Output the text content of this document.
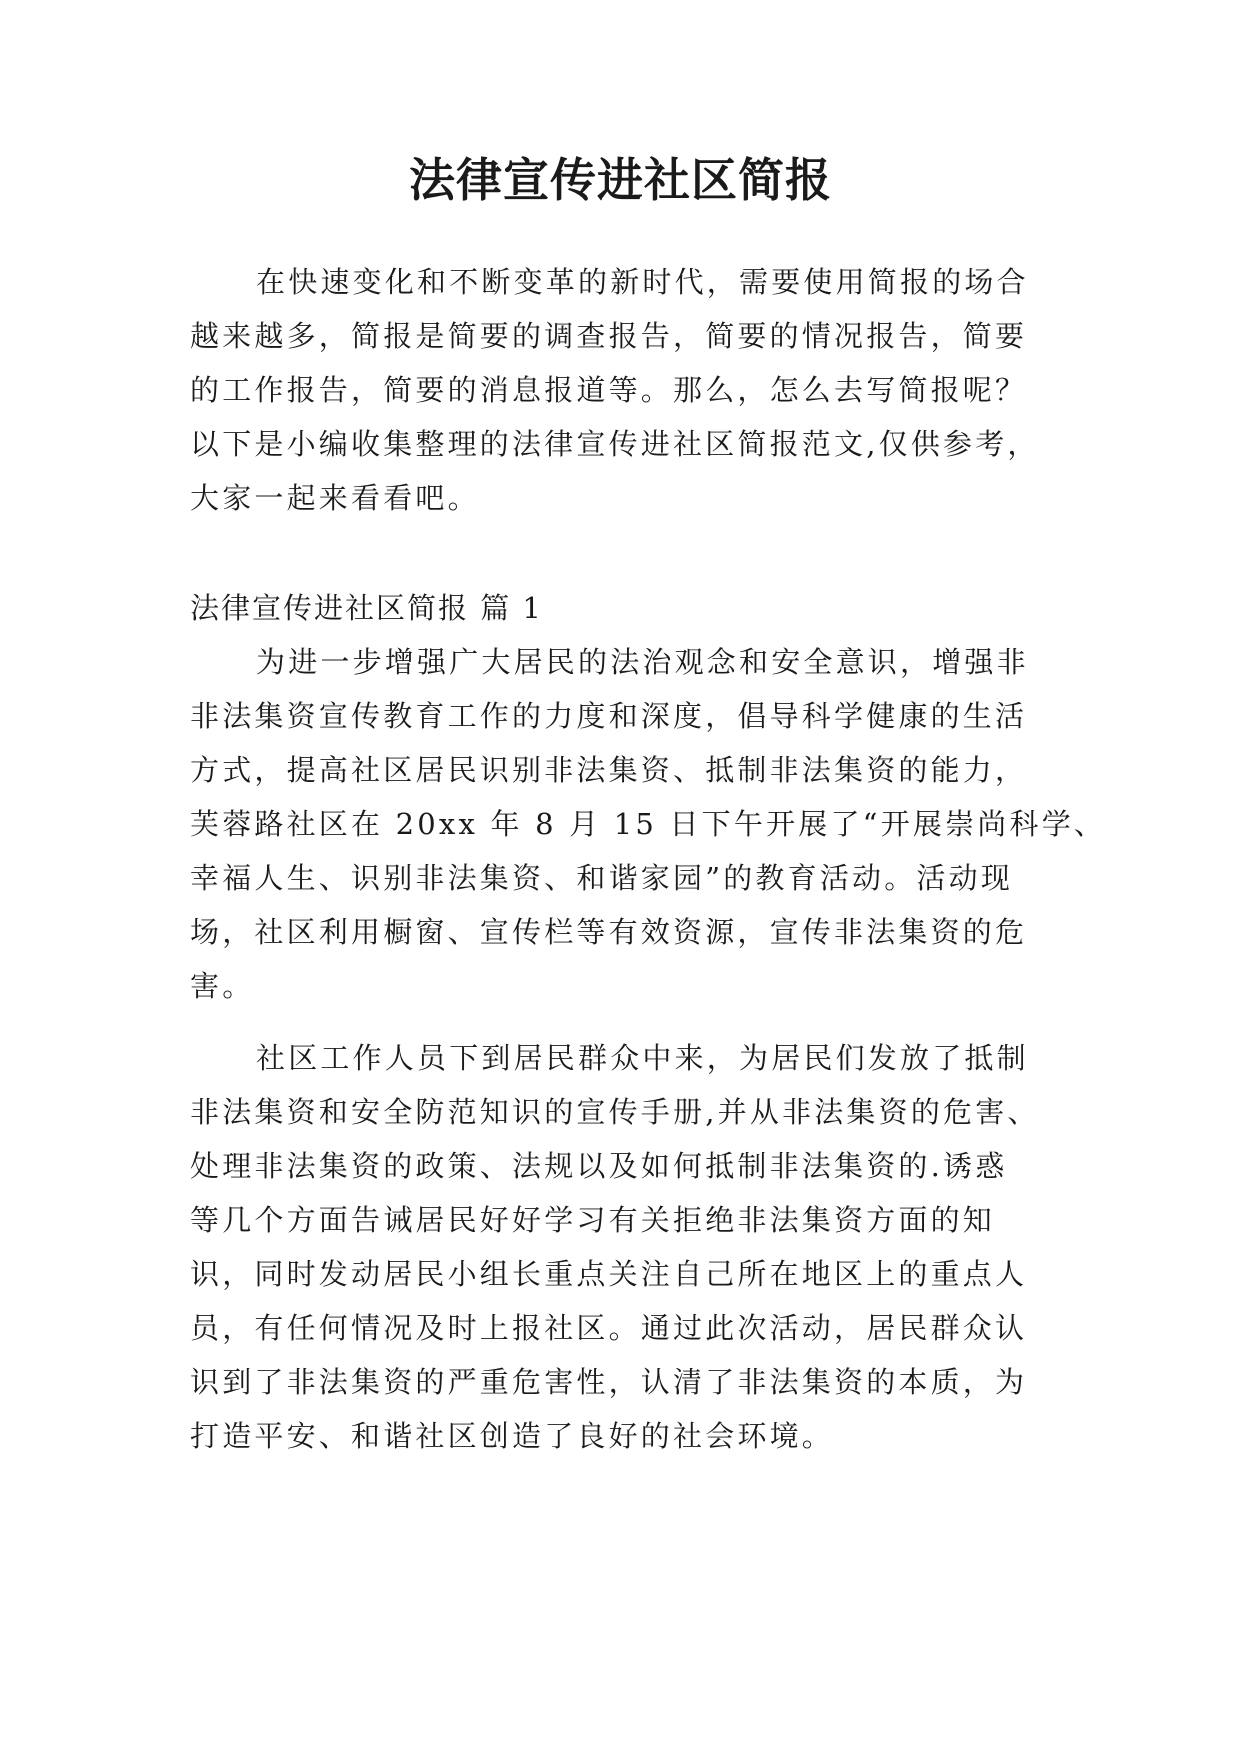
法律宣传进社区简报

在快速变化和不断变革的新时代，需要使用简报的场合

越来越多，简报是简要的调查报告，简要的情况报告，简要

的工作报告，简要的消息报道等。那么，怎么去写简报呢？

以下是小编收集整理的法律宣传进社区简报范文,仅供参考，

大家一起来看看吧。

法律宣传进社区简报 篇 1

为进一步增强广大居民的法治观念和安全意识，增强非

非法集资宣传教育工作的力度和深度，倡导科学健康的生活

方式，提高社区居民识别非法集资、抵制非法集资的能力，

芙蓉路社区在 20xx 年 8 月 15 日下午开展了“开展崇尚科学、

幸福人生、识别非法集资、和谐家园”的教育活动。活动现

场，社区利用橱窗、宣传栏等有效资源，宣传非法集资的危

害。

社区工作人员下到居民群众中来，为居民们发放了抵制

非法集资和安全防范知识的宣传手册,并从非法集资的危害、

处理非法集资的政策、法规以及如何抵制非法集资的.诱惑

等几个方面告诫居民好好学习有关拒绝非法集资方面的知

识，同时发动居民小组长重点关注自己所在地区上的重点人

员，有任何情况及时上报社区。通过此次活动，居民群众认

识到了非法集资的严重危害性，认清了非法集资的本质，为

打造平安、和谐社区创造了良好的社会环境。
